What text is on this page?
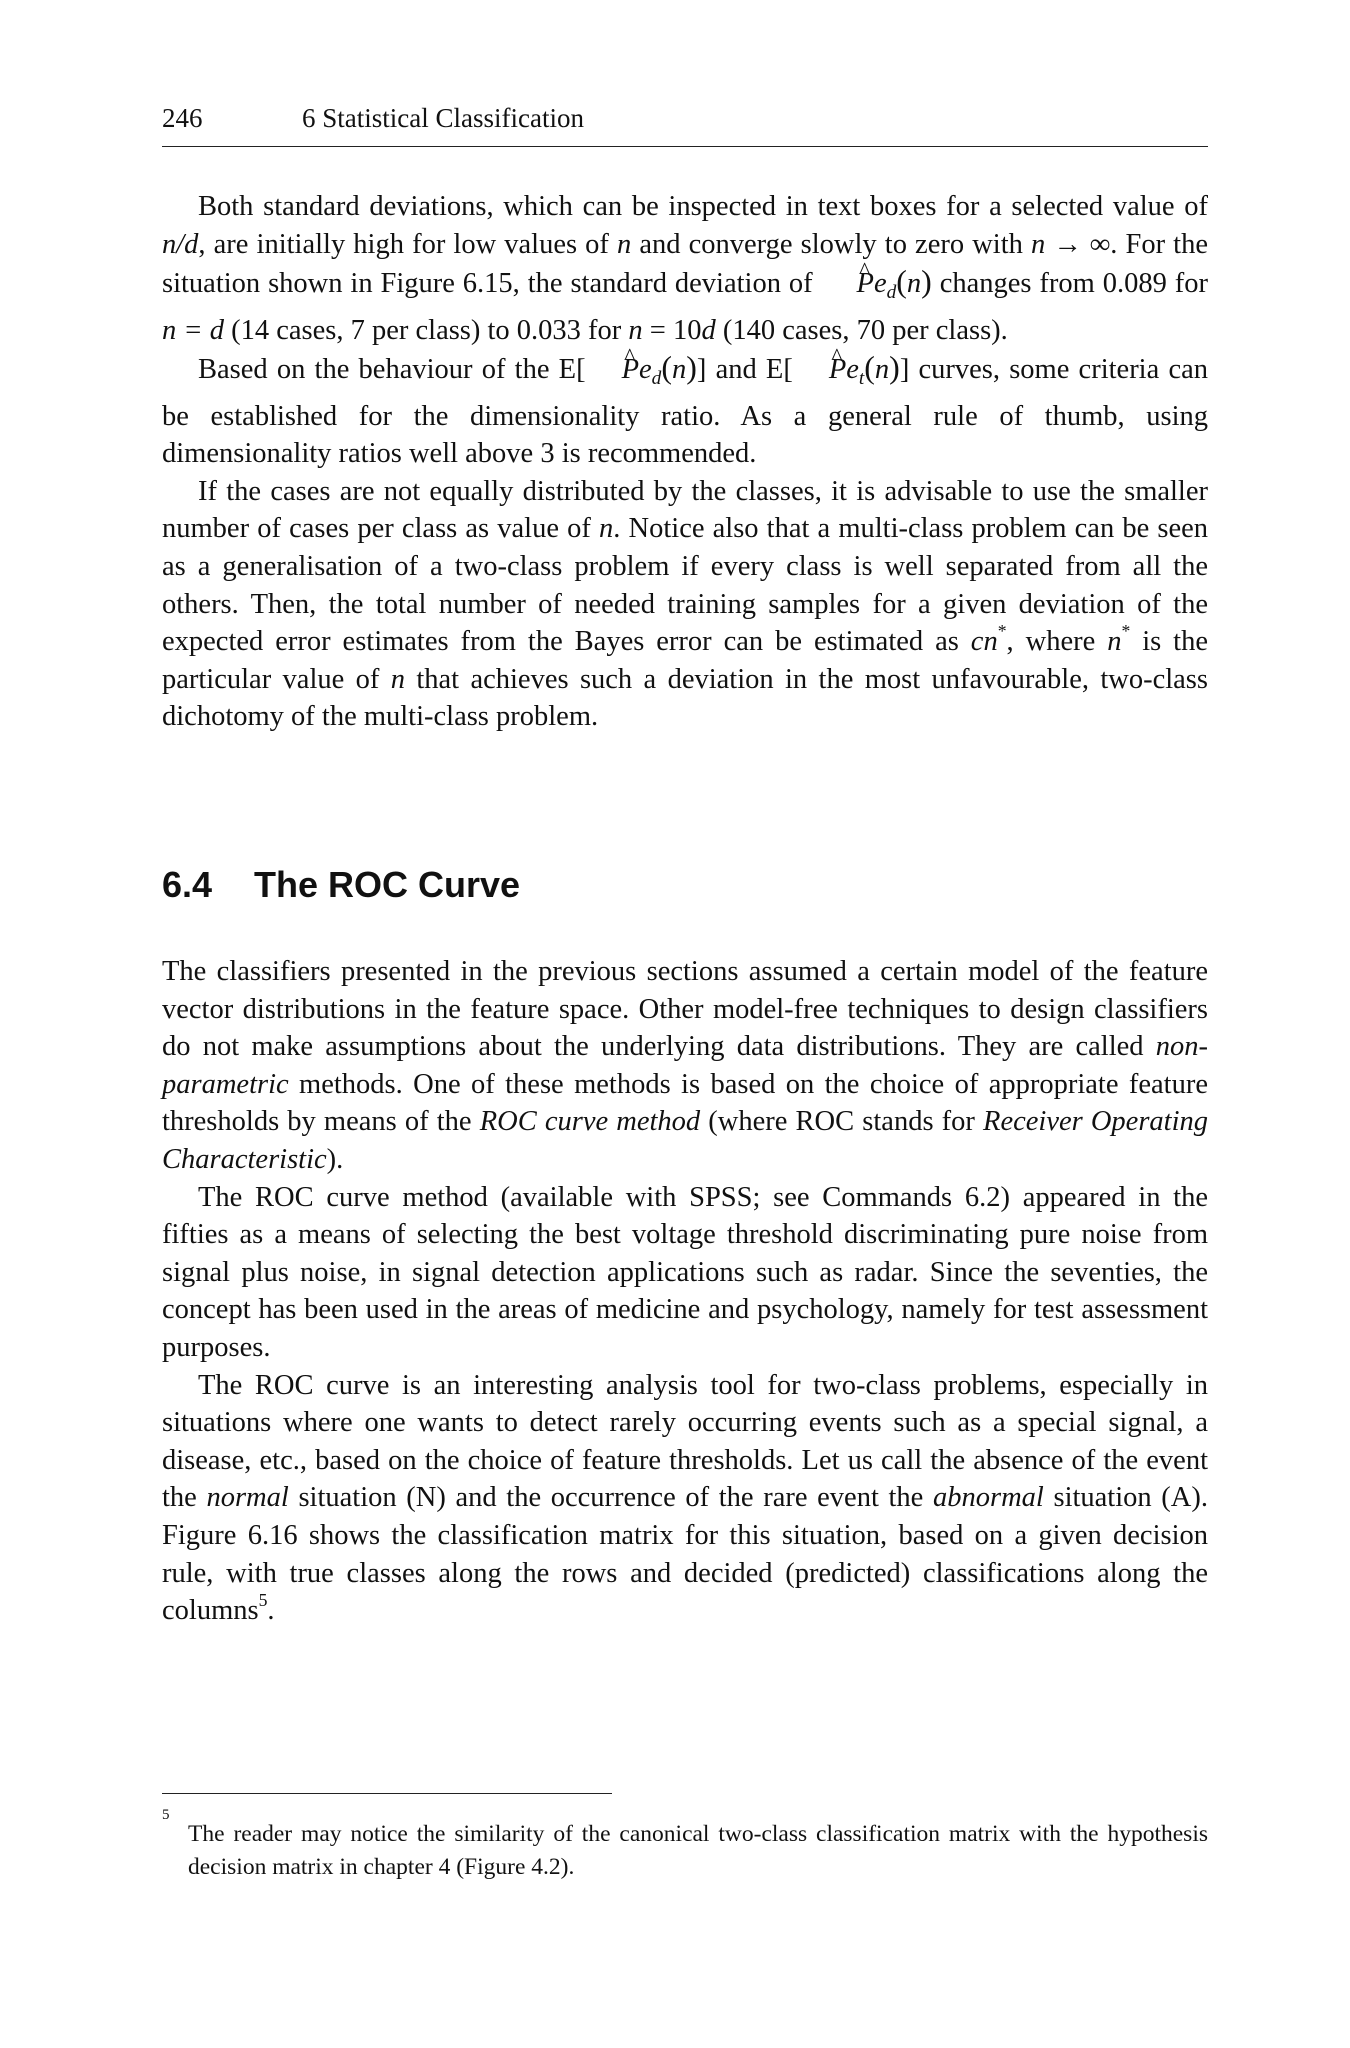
246	6 Statistical Classification

Both standard deviations, which can be inspected in text boxes for a selected value of n/d, are initially high for low values of n and converge slowly to zero with n → ∞. For the situation shown in Figure 6.15, the standard deviation of ^ $Pe_d(n)$ changes from 0.089 for n = d (14 cases, 7 per class) to 0.033 for n = 10d (140 cases, 70 per class).

Based on the behaviour of the E[ ^ $Pe_d(n)$] and E[ ^ $Pe_t(n)$] curves, some criteria can be established for the dimensionality ratio. As a general rule of thumb, using dimensionality ratios well above 3 is recommended.

If the cases are not equally distributed by the classes, it is advisable to use the smaller number of cases per class as value of n. Notice also that a multi-class problem can be seen as a generalisation of a two-class problem if every class is well separated from all the others. Then, the total number of needed training samples for a given deviation of the expected error estimates from the Bayes error can be estimated as cn*, where n* is the particular value of n that achieves such a deviation in the most unfavourable, two-class dichotomy of the multi-class problem.

6.4 The ROC Curve

The classifiers presented in the previous sections assumed a certain model of the feature vector distributions in the feature space. Other model-free techniques to design classifiers do not make assumptions about the underlying data distributions. They are called non-parametric methods. One of these methods is based on the choice of appropriate feature thresholds by means of the ROC curve method (where ROC stands for Receiver Operating Characteristic).

The ROC curve method (available with SPSS; see Commands 6.2) appeared in the fifties as a means of selecting the best voltage threshold discriminating pure noise from signal plus noise, in signal detection applications such as radar. Since the seventies, the concept has been used in the areas of medicine and psychology, namely for test assessment purposes.

The ROC curve is an interesting analysis tool for two-class problems, especially in situations where one wants to detect rarely occurring events such as a special signal, a disease, etc., based on the choice of feature thresholds. Let us call the absence of the event the normal situation (N) and the occurrence of the rare event the abnormal situation (A). Figure 6.16 shows the classification matrix for this situation, based on a given decision rule, with true classes along the rows and decided (predicted) classifications along the columns$^5$.

5
The reader may notice the similarity of the canonical two-class classification matrix with the hypothesis decision matrix in chapter 4 (Figure 4.2).
